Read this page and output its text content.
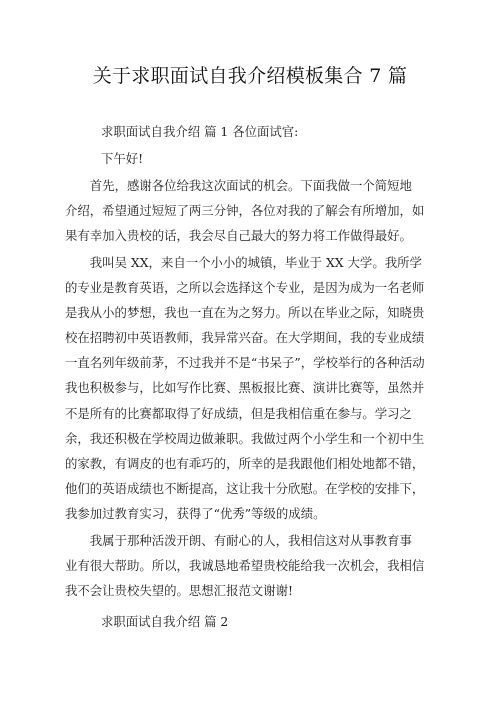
关于求职面试自我介绍模板集合 7 篇

求职面试自我介绍 篇 1 各位面试官:

下午好!

首先，感谢各位给我这次面试的机会。下面我做一个简短地
介绍，希望通过短短了两三分钟，各位对我的了解会有所增加，如
果有幸加入贵校的话，我会尽自己最大的努力将工作做得最好。

我叫吴 XX，来自一个小小的城镇，毕业于 XX 大学。我所学
的专业是教育英语，之所以会选择这个专业，是因为成为一名老师
是我从小的梦想，我也一直在为之努力。所以在毕业之际，知晓贵
校在招聘初中英语教师，我异常兴奋。在大学期间，我的专业成绩
一直名列年级前茅，不过我并不是“书呆子”，学校举行的各种活动
我也积极参与，比如写作比赛、黑板报比赛、演讲比赛等，虽然并
不是所有的比赛都取得了好成绩，但是我相信重在参与。学习之
余，我还积极在学校周边做兼职。我做过两个小学生和一个初中生
的家教，有调皮的也有乖巧的，所幸的是我跟他们相处地都不错，
他们的英语成绩也不断提高，这让我十分欣慰。在学校的安排下，
我参加过教育实习，获得了“优秀”等级的成绩。

我属于那种活泼开朗、有耐心的人，我相信这对从事教育事
业有很大帮助。所以，我诚恳地希望贵校能给我一次机会，我相信
我不会让贵校失望的。思想汇报范文谢谢!

求职面试自我介绍 篇 2
